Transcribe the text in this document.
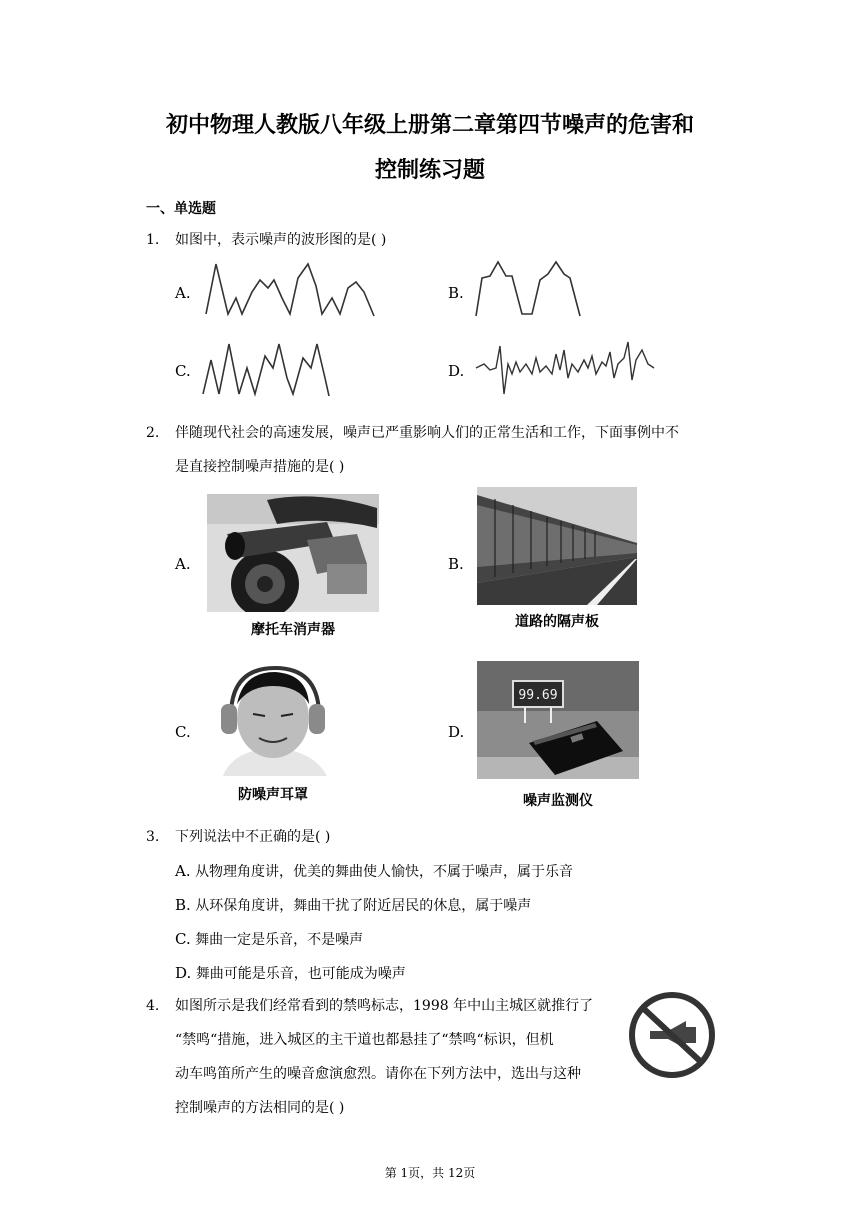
初中物理人教版八年级上册第二章第四节噪声的危害和
控制练习题
一、单选题
1. 如图中，表示噪声的波形图的是( )
A.	B.
C.	D.
2. 伴随现代社会的高速发展，噪声已严重影响人们的正常生活和工作，下面事例中不
是直接控制噪声措施的是( )
A.
摩托车消声器
B.
道路的隔声板
C.
防噪声耳罩
D.
99.69
噪声监测仪
3. 下列说法中不正确的是( )
A. 从物理角度讲，优美的舞曲使人愉快，不属于噪声，属于乐音
B. 从环保角度讲，舞曲干扰了附近居民的休息，属于噪声
C. 舞曲一定是乐音，不是噪声
D. 舞曲可能是乐音，也可能成为噪声
4. 如图所示是我们经常看到的禁鸣标志，1998 年中山主城区就推行了
“禁鸣“措施，进入城区的主干道也都悬挂了“禁鸣“标识，但机
动车鸣笛所产生的噪音愈演愈烈。请你在下列方法中，选出与这种
控制噪声的方法相同的是( )
第 1页，共 12页
